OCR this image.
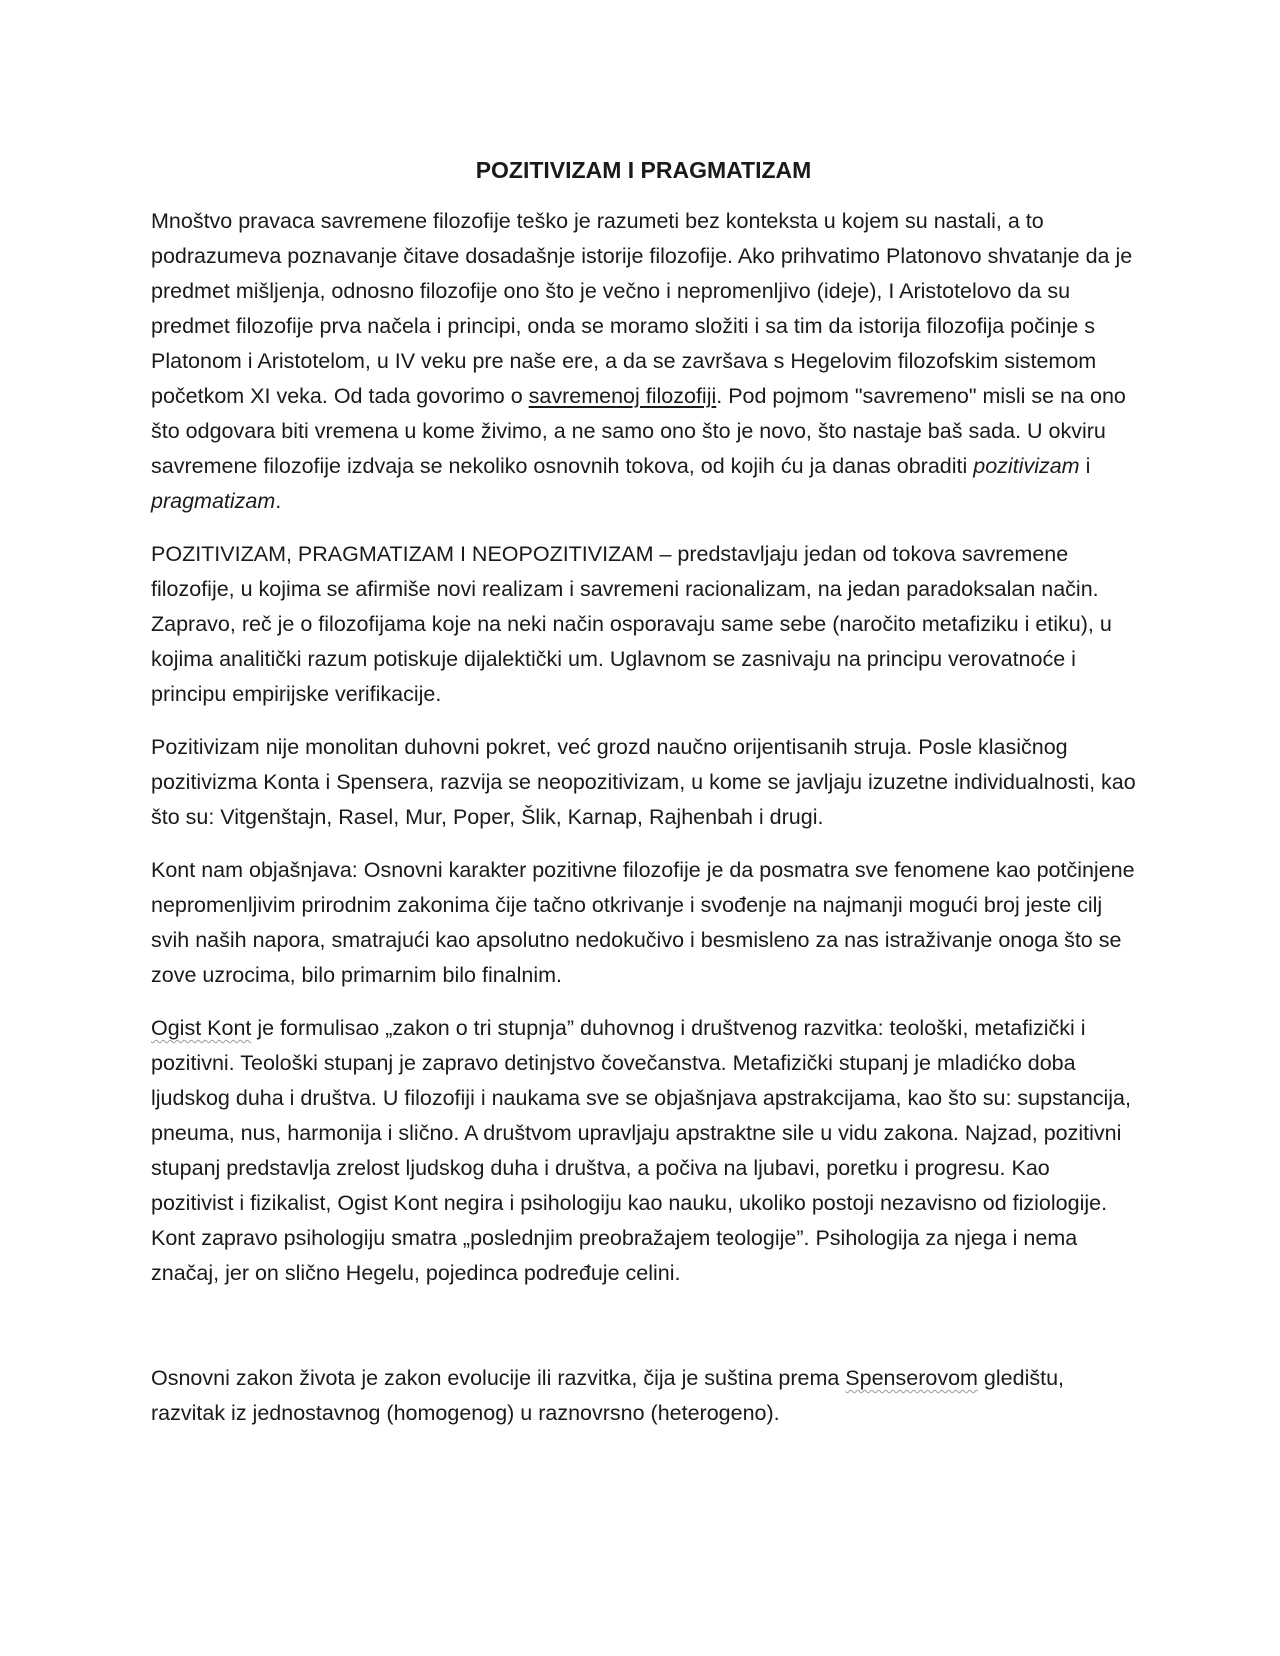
POZITIVIZAM I PRAGMATIZAM

Mnoštvo pravaca savremene filozofije teško je razumeti bez konteksta u kojem su nastali, a to podrazumeva poznavanje čitave dosadašnje istorije filozofije. Ako prihvatimo Platonovo shvatanje da je predmet mišljenja, odnosno filozofije ono što je večno i nepromenljivo (ideje), I Aristotelovo da su predmet filozofije prva načela i principi, onda se moramo složiti i sa tim da istorija filozofija počinje s Platonom i Aristotelom, u IV veku pre naše ere, a da se završava s Hegelovim filozofskim sistemom početkom XI veka. Od tada govorimo o savremenoj filozofiji. Pod pojmom "savremeno" misli se na ono što odgovara biti vremena u kome živimo, a ne samo ono što je novo, što nastaje baš sada. U okviru savremene filozofije izdvaja se nekoliko osnovnih tokova, od kojih ću ja danas obraditi pozitivizam i pragmatizam.

POZITIVIZAM, PRAGMATIZAM I NEOPOZITIVIZAM – predstavljaju jedan od tokova savremene filozofije, u kojima se afirmiše novi realizam i savremeni racionalizam, na jedan paradoksalan način. Zapravo, reč je o filozofijama koje na neki način osporavaju same sebe (naročito metafiziku i etiku), u kojima analitički razum potiskuje dijalektički um. Uglavnom se zasnivaju na principu verovatnoće i principu empirijske verifikacije.

Pozitivizam nije monolitan duhovni pokret, već grozd naučno orijentisanih struja. Posle klasičnog pozitivizma Konta i Spensera, razvija se neopozitivizam, u kome se javljaju izuzetne individualnosti, kao što su: Vitgenštajn, Rasel, Mur, Poper, Šlik, Karnap, Rajhenbah i drugi.

Kont nam objašnjava: Osnovni karakter pozitivne filozofije je da posmatra sve fenomene kao potčinjene nepromenljivim prirodnim zakonima čije tačno otkrivanje i svođenje na najmanji mogući broj jeste cilj svih naših napora, smatrajući kao apsolutno nedokučivo i besmisleno za nas istraživanje onoga što se zove uzrocima, bilo primarnim bilo finalnim.

Ogist Kont je formulisao „zakon o tri stupnja” duhovnog i društvenog razvitka: teološki, metafizički i pozitivni. Teološki stupanj je zapravo detinjstvo čovečanstva. Metafizički stupanj je mladićko doba ljudskog duha i društva. U filozofiji i naukama sve se objašnjava apstrakcijama, kao što su: supstancija, pneuma, nus, harmonija i slično. A društvom upravljaju apstraktne sile u vidu zakona. Najzad, pozitivni stupanj predstavlja zrelost ljudskog duha i društva, a počiva na ljubavi, poretku i progresu. Kao pozitivist i fizikalist, Ogist Kont negira i psihologiju kao nauku, ukoliko postoji nezavisno od fiziologije. Kont zapravo psihologiju smatra „poslednjim preobražajem teologije”. Psihologija za njega i nema značaj, jer on slično Hegelu, pojedinca podređuje celini.

Osnovni zakon života je zakon evolucije ili razvitka, čija je suština prema Spenserovom gledištu, razvitak iz jednostavnog (homogenog) u raznovrsno (heterogeno).
